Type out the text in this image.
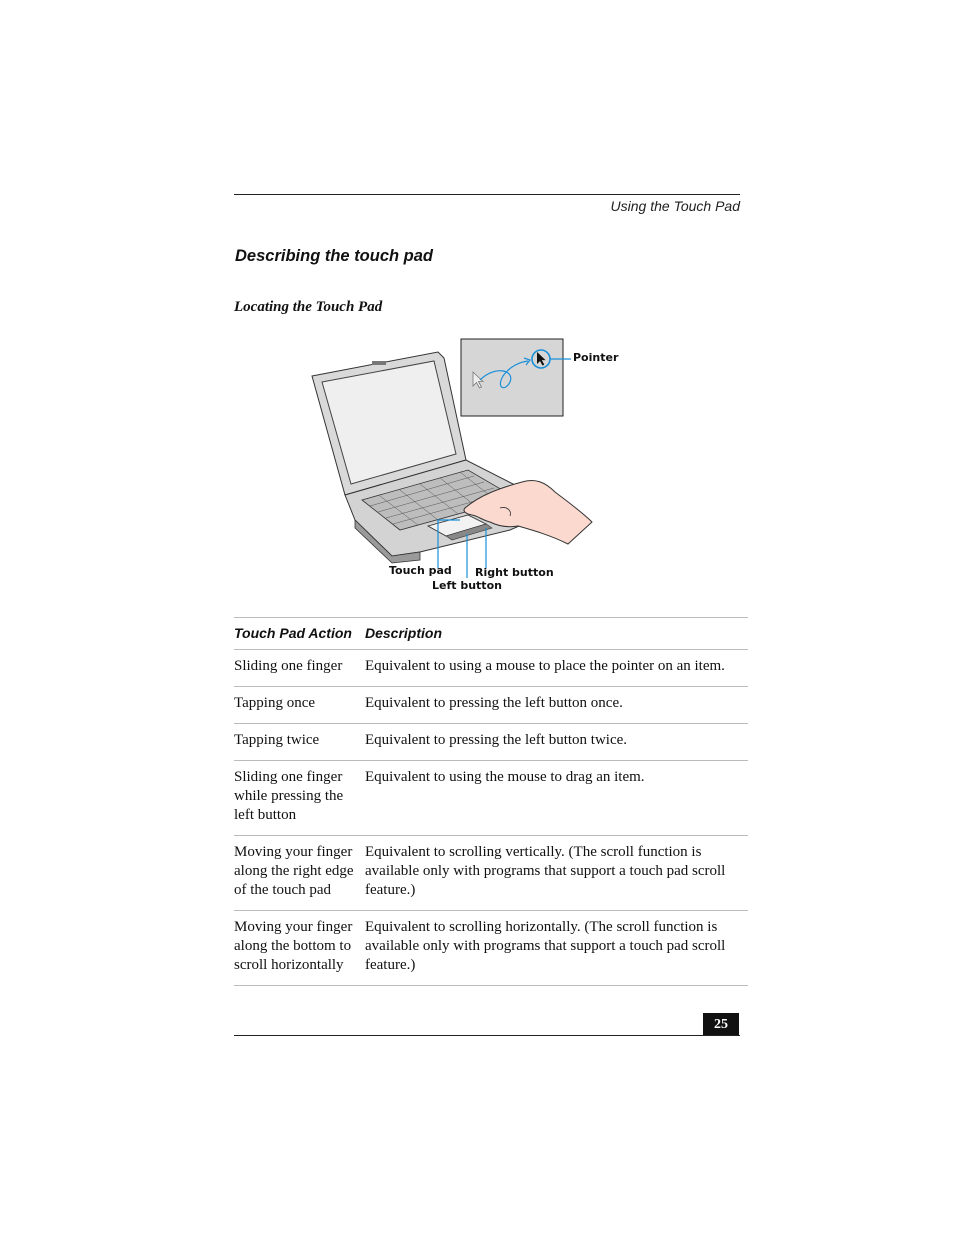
Using the Touch Pad
Describing the touch pad
Locating the Touch Pad
Pointer
Touch pad Right button
Left button
Touch Pad Action	Description
Sliding one finger	Equivalent to using a mouse to place the pointer on an item.
Tapping once	Equivalent to pressing the left button once.
Tapping twice	Equivalent to pressing the left button twice.
Sliding one finger while pressing the left button	Equivalent to using the mouse to drag an item.
Moving your finger along the right edge of the touch pad	Equivalent to scrolling vertically. (The scroll function is available only with programs that support a touch pad scroll feature.)
Moving your finger along the bottom to scroll horizontally	Equivalent to scrolling horizontally. (The scroll function is available only with programs that support a touch pad scroll feature.)
25
